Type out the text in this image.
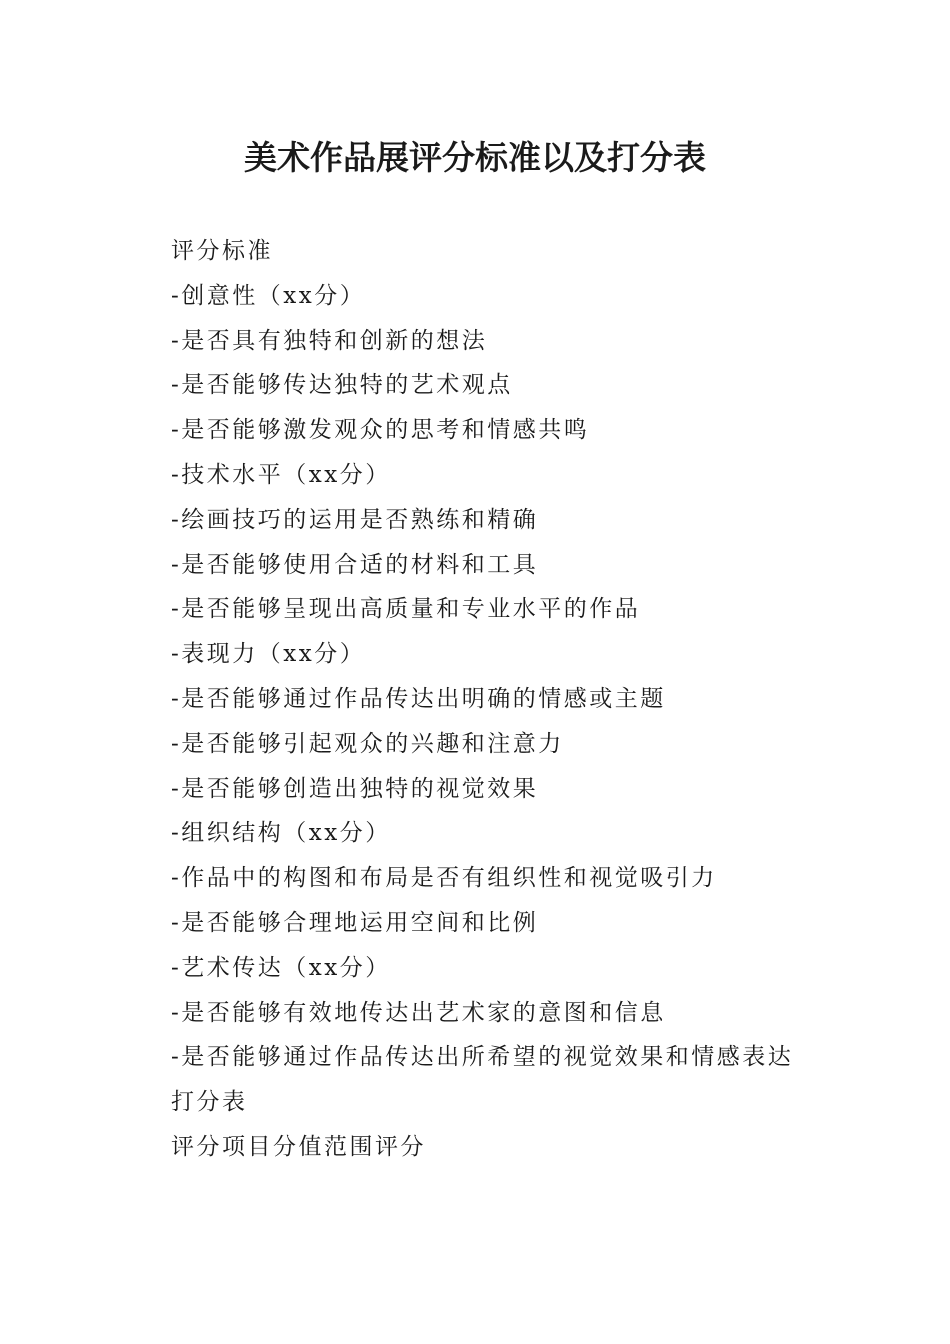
美术作品展评分标准以及打分表
评分标准
-创意性（xx分）
-是否具有独特和创新的想法
-是否能够传达独特的艺术观点
-是否能够激发观众的思考和情感共鸣
-技术水平（xx分）
-绘画技巧的运用是否熟练和精确
-是否能够使用合适的材料和工具
-是否能够呈现出高质量和专业水平的作品
-表现力（xx分）
-是否能够通过作品传达出明确的情感或主题
-是否能够引起观众的兴趣和注意力
-是否能够创造出独特的视觉效果
-组织结构（xx分）
-作品中的构图和布局是否有组织性和视觉吸引力
-是否能够合理地运用空间和比例
-艺术传达（xx分）
-是否能够有效地传达出艺术家的意图和信息
-是否能够通过作品传达出所希望的视觉效果和情感表达
打分表
评分项目分值范围评分
